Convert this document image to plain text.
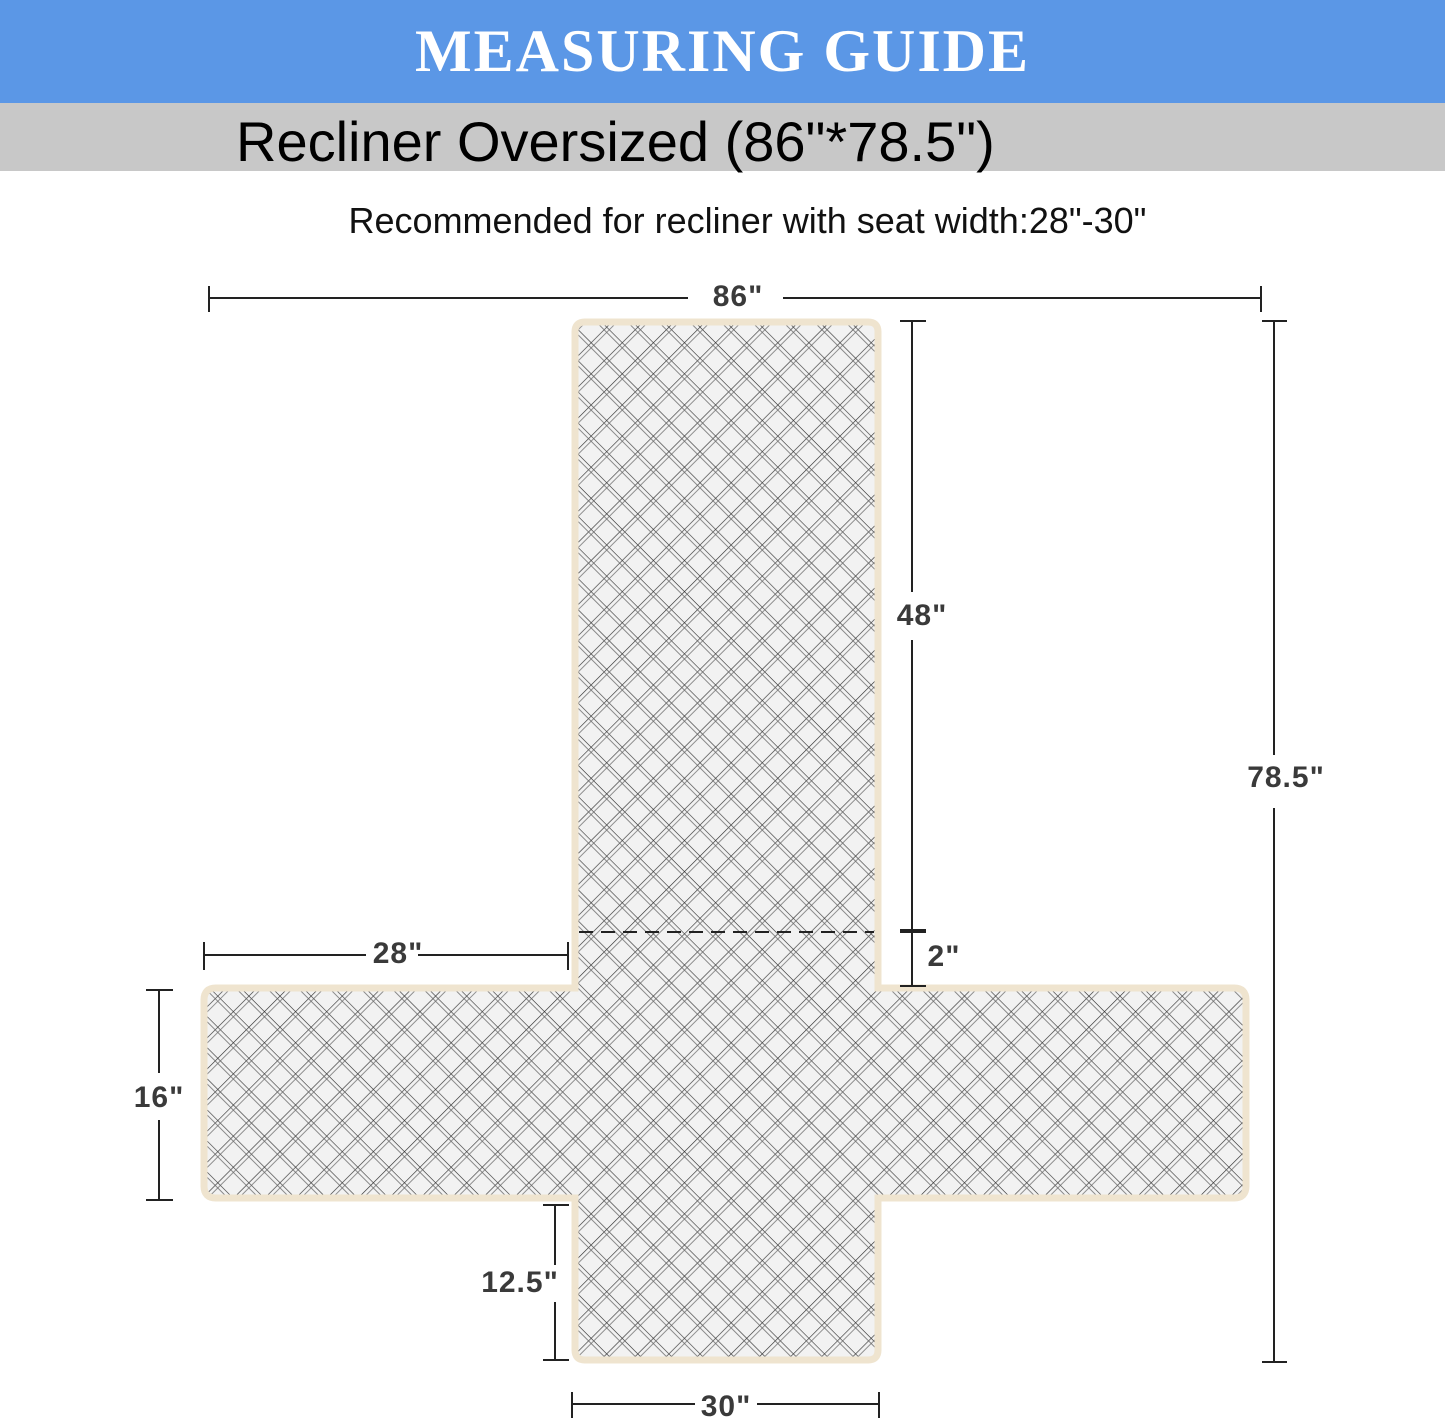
MEASURING GUIDE
Recliner Oversized (86"*78.5")
Recommended for recliner with seat width:28"-30"
86"
48"
2"
78.5"
28"
16"
12.5"
30"
